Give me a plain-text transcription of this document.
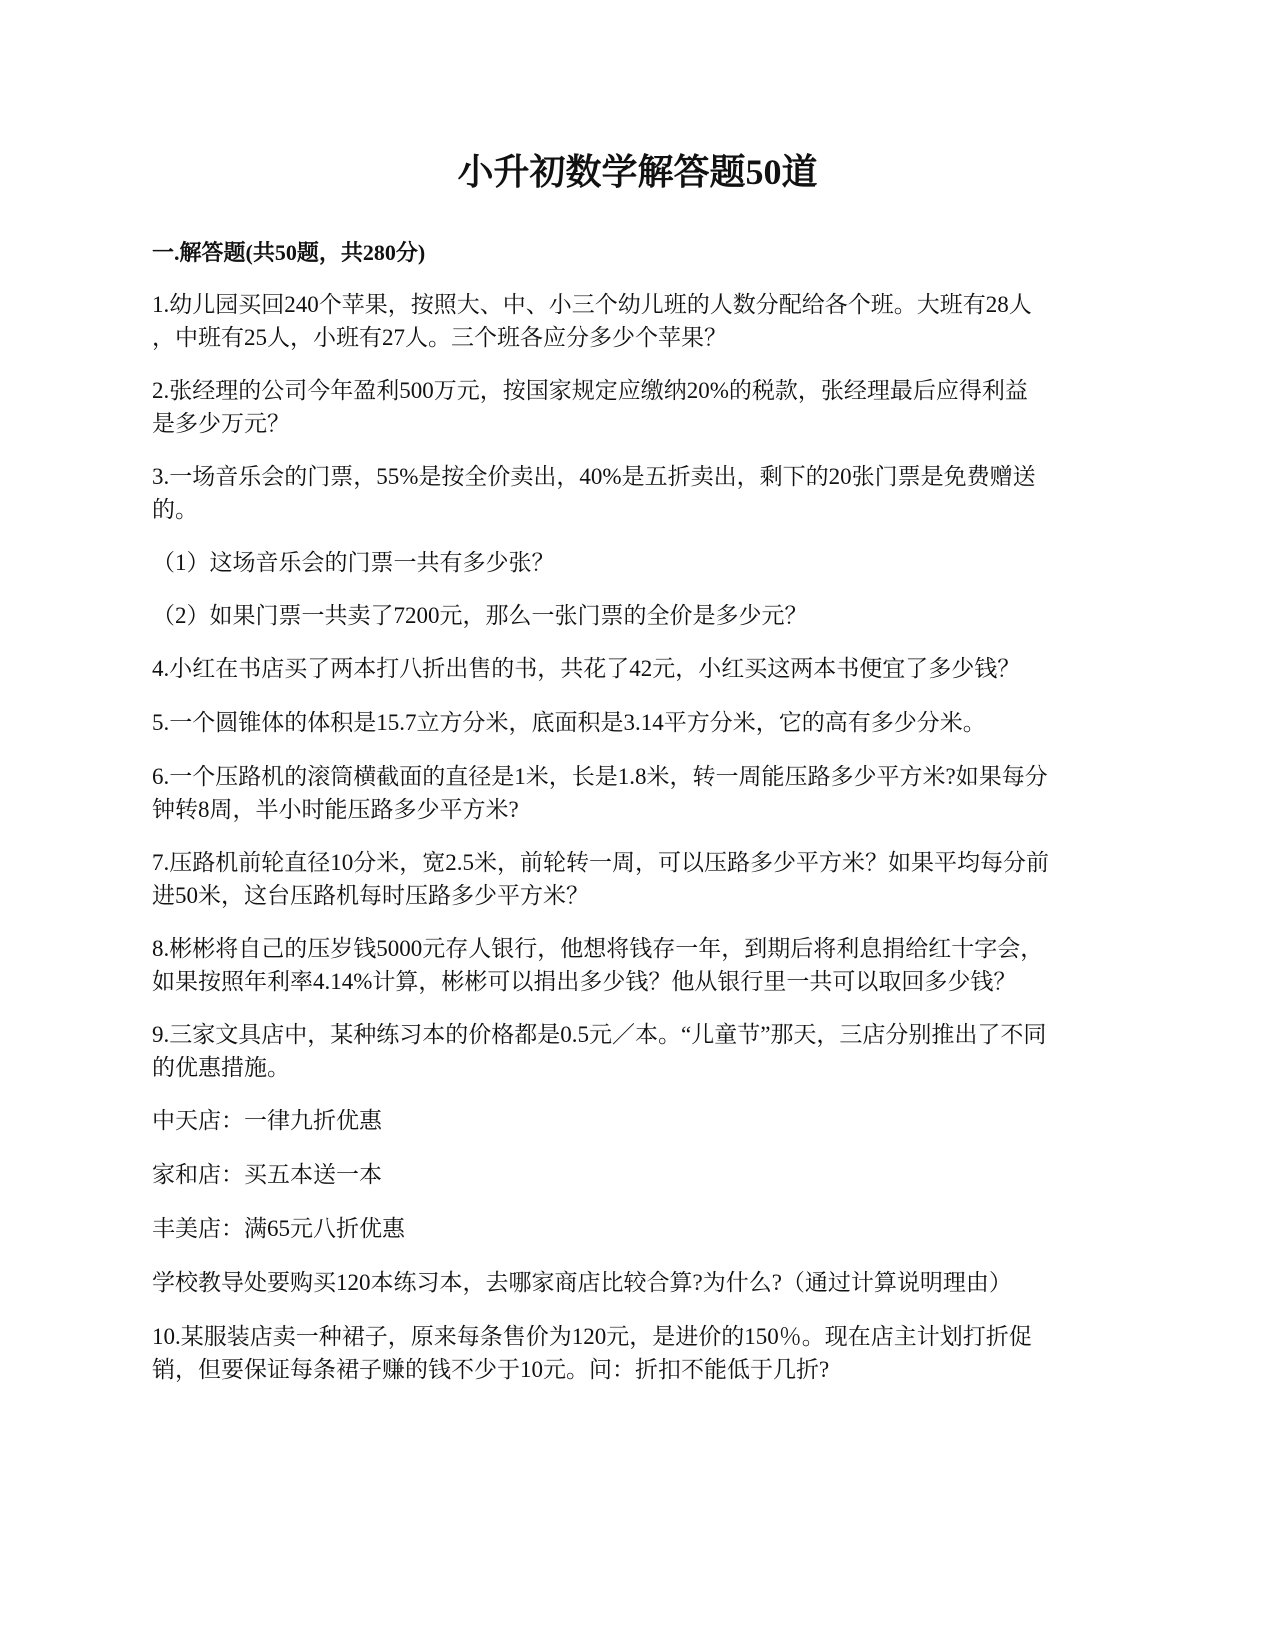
小升初数学解答题50道
一.解答题(共50题，共280分)
1.幼儿园买回240个苹果，按照大、中、小三个幼儿班的人数分配给各个班。大班有28人
，中班有25人，小班有27人。三个班各应分多少个苹果？
2.张经理的公司今年盈利500万元，按国家规定应缴纳20%的税款，张经理最后应得利益
是多少万元？
3.一场音乐会的门票，55%是按全价卖出，40%是五折卖出，剩下的20张门票是免费赠送
的。
（1）这场音乐会的门票一共有多少张？
（2）如果门票一共卖了7200元，那么一张门票的全价是多少元？
4.小红在书店买了两本打八折出售的书，共花了42元，小红买这两本书便宜了多少钱？
5.一个圆锥体的体积是15.7立方分米，底面积是3.14平方分米，它的高有多少分米。
6.一个压路机的滚筒横截面的直径是1米，长是1.8米，转一周能压路多少平方米?如果每分
钟转8周，半小时能压路多少平方米?
7.压路机前轮直径10分米，宽2.5米，前轮转一周，可以压路多少平方米？如果平均每分前
进50米，这台压路机每时压路多少平方米？
8.彬彬将自己的压岁钱5000元存人银行，他想将钱存一年，到期后将利息捐给红十字会，
如果按照年利率4.14%计算，彬彬可以捐出多少钱？他从银行里一共可以取回多少钱？
9.三家文具店中，某种练习本的价格都是0.5元／本。“儿童节”那天，三店分别推出了不同
的优惠措施。
中天店：一律九折优惠
家和店：买五本送一本
丰美店：满65元八折优惠
学校教导处要购买120本练习本，去哪家商店比较合算?为什么?（通过计算说明理由）
10.某服装店卖一种裙子，原来每条售价为120元，是进价的150％。现在店主计划打折促
销，但要保证每条裙子赚的钱不少于10元。问：折扣不能低于几折?
